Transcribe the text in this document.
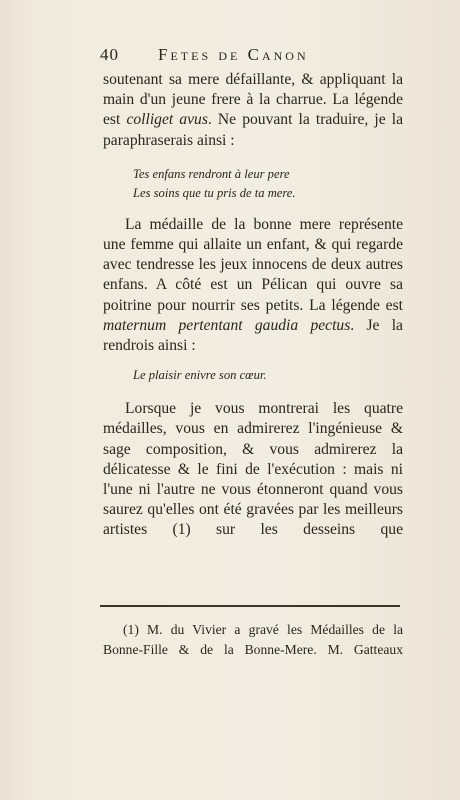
40 Fetes de Canon

soutenant sa mere défaillante, & appliquant la main d'un jeune frere à la charrue. La légende est colliget avus. Ne pouvant la traduire, je la paraphraserais ainsi :

Tes enfans rendront à leur pere
Les soins que tu pris de ta mere.

La médaille de la bonne mere représente une femme qui allaite un enfant, & qui regarde avec tendresse les jeux innocens de deux autres enfans. A côté est un Pélican qui ouvre sa poitrine pour nourrir ses petits. La légende est maternum pertentant gaudia pectus. Je la rendrois ainsi :

Le plaisir enivre son cœur.

Lorsque je vous montrerai les quatre médailles, vous en admirerez l'ingénieuse & sage composition, & vous admirerez la délicatesse & le fini de l'exécution : mais ni l'une ni l'autre ne vous étonneront quand vous saurez qu'elles ont été gravées par les meilleurs artistes (1) sur les desseins que

(1) M. du Vivier a gravé les Médailles de la Bonne-Fille & de la Bonne-Mere. M. Gatteaux
